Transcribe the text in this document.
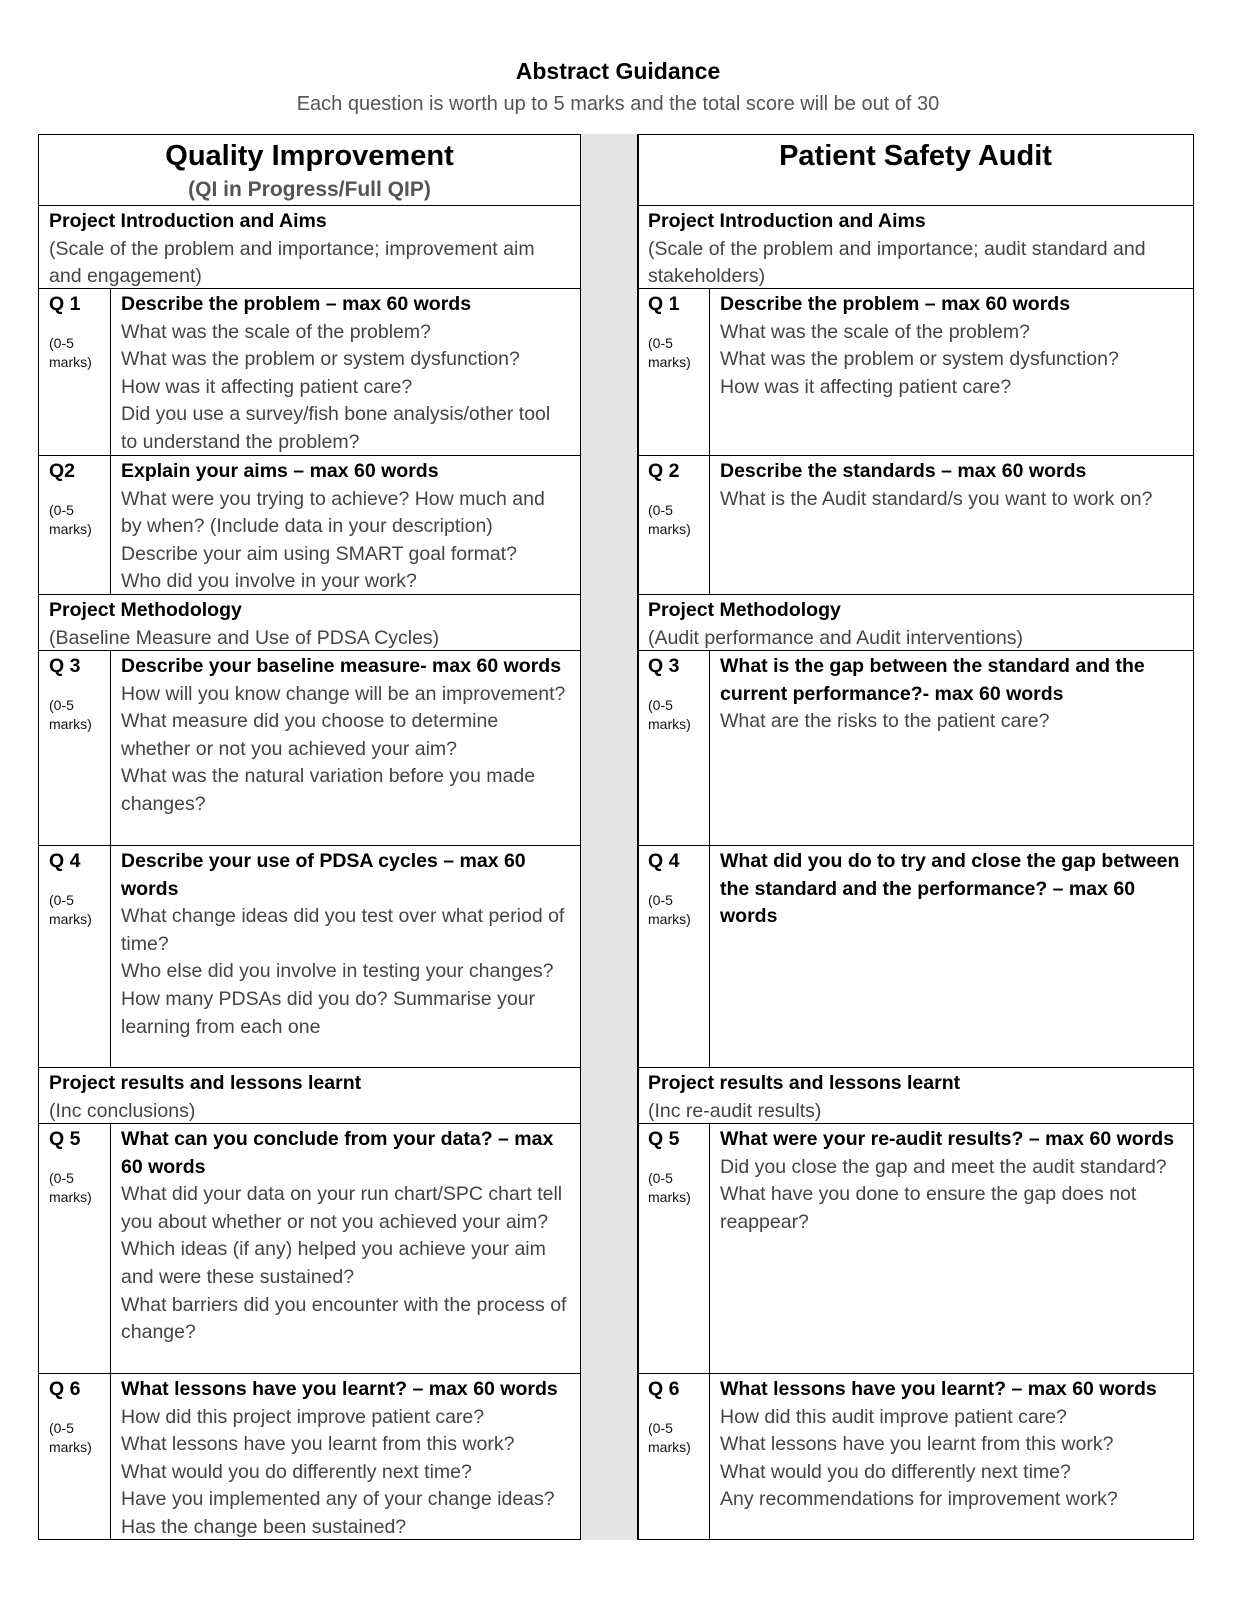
Abstract Guidance
Each question is worth up to 5 marks and the total score will be out of 30
Quality Improvement
(QI in Progress/Full QIP)
Project Introduction and Aims
(Scale of the problem and importance; improvement aim and engagement)
Q 1
(0-5 marks)
Describe the problem – max 60 words
What was the scale of the problem?
What was the problem or system dysfunction?
How was it affecting patient care?
Did you use a survey/fish bone analysis/other tool to understand the problem?
Q2
(0-5 marks)
Explain your aims – max 60 words
What were you trying to achieve? How much and by when? (Include data in your description)
Describe your aim using SMART goal format?
Who did you involve in your work?
Project Methodology
(Baseline Measure and Use of PDSA Cycles)
Q 3
(0-5 marks)
Describe your baseline measure- max 60 words
How will you know change will be an improvement?
What measure did you choose to determine whether or not you achieved your aim?
What was the natural variation before you made changes?
Q 4
(0-5 marks)
Describe your use of PDSA cycles – max 60 words
What change ideas did you test over what period of time?
Who else did you involve in testing your changes?
How many PDSAs did you do? Summarise your learning from each one
Project results and lessons learnt
(Inc conclusions)
Q 5
(0-5 marks)
What can you conclude from your data? – max 60 words
What did your data on your run chart/SPC chart tell you about whether or not you achieved your aim?
Which ideas (if any) helped you achieve your aim and were these sustained?
What barriers did you encounter with the process of change?
Q 6
(0-5 marks)
What lessons have you learnt? – max 60 words
How did this project improve patient care?
What lessons have you learnt from this work?
What would you do differently next time?
Have you implemented any of your change ideas?
Has the change been sustained?
Patient Safety Audit
Project Introduction and Aims
(Scale of the problem and importance; audit standard and stakeholders)
Q 1
(0-5 marks)
Describe the problem – max 60 words
What was the scale of the problem?
What was the problem or system dysfunction?
How was it affecting patient care?
Q 2
(0-5 marks)
Describe the standards – max 60 words
What is the Audit standard/s you want to work on?
Project Methodology
(Audit performance and Audit interventions)
Q 3
(0-5 marks)
What is the gap between the standard and the current performance?- max 60 words
What are the risks to the patient care?
Q 4
(0-5 marks)
What did you do to try and close the gap between the standard and the performance? – max 60 words
Project results and lessons learnt
(Inc re-audit results)
Q 5
(0-5 marks)
What were your re-audit results? – max 60 words
Did you close the gap and meet the audit standard?
What have you done to ensure the gap does not reappear?
Q 6
(0-5 marks)
What lessons have you learnt? – max 60 words
How did this audit improve patient care?
What lessons have you learnt from this work?
What would you do differently next time?
Any recommendations for improvement work?
